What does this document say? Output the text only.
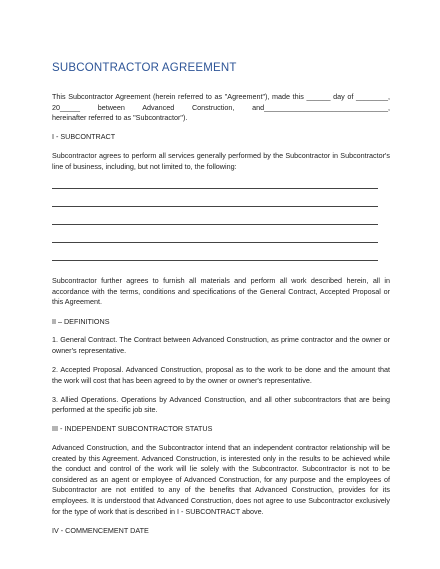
SUBCONTRACTOR AGREEMENT
This Subcontractor Agreement (herein referred to as "Agreement"), made this ______ day of ________,
20_____ between Advanced Construction, and_______________________________,
hereinafter referred to as "Subcontractor").
I - SUBCONTRACT

Subcontractor agrees to perform all services generally performed by the Subcontractor in Subcontractor's line of business, including, but not limited to, the following:

Subcontractor further agrees to furnish all materials and perform all work described herein, all in accordance with the terms, conditions and specifications of the General Contract, Accepted Proposal or this Agreement.

II – DEFINITIONS

1. General Contract. The Contract between Advanced Construction, as prime contractor and the owner or owner's representative.

2. Accepted Proposal. Advanced Construction, proposal as to the work to be done and the amount that the work will cost that has been agreed to by the owner or owner's representative.

3. Allied Operations. Operations by Advanced Construction, and all other subcontractors that are being performed at the specific job site.

III - INDEPENDENT SUBCONTRACTOR STATUS

Advanced Construction, and the Subcontractor intend that an independent contractor relationship will be created by this Agreement. Advanced Construction, is interested only in the results to be achieved while the conduct and control of the work will lie solely with the Subcontractor. Subcontractor is not to be considered as an agent or employee of Advanced Construction, for any purpose and the employees of Subcontractor are not entitled to any of the benefits that Advanced Construction, provides for its employees. It is understood that Advanced Construction, does not agree to use Subcontractor exclusively for the type of work that is described in I - SUBCONTRACT above.

IV - COMMENCEMENT DATE
